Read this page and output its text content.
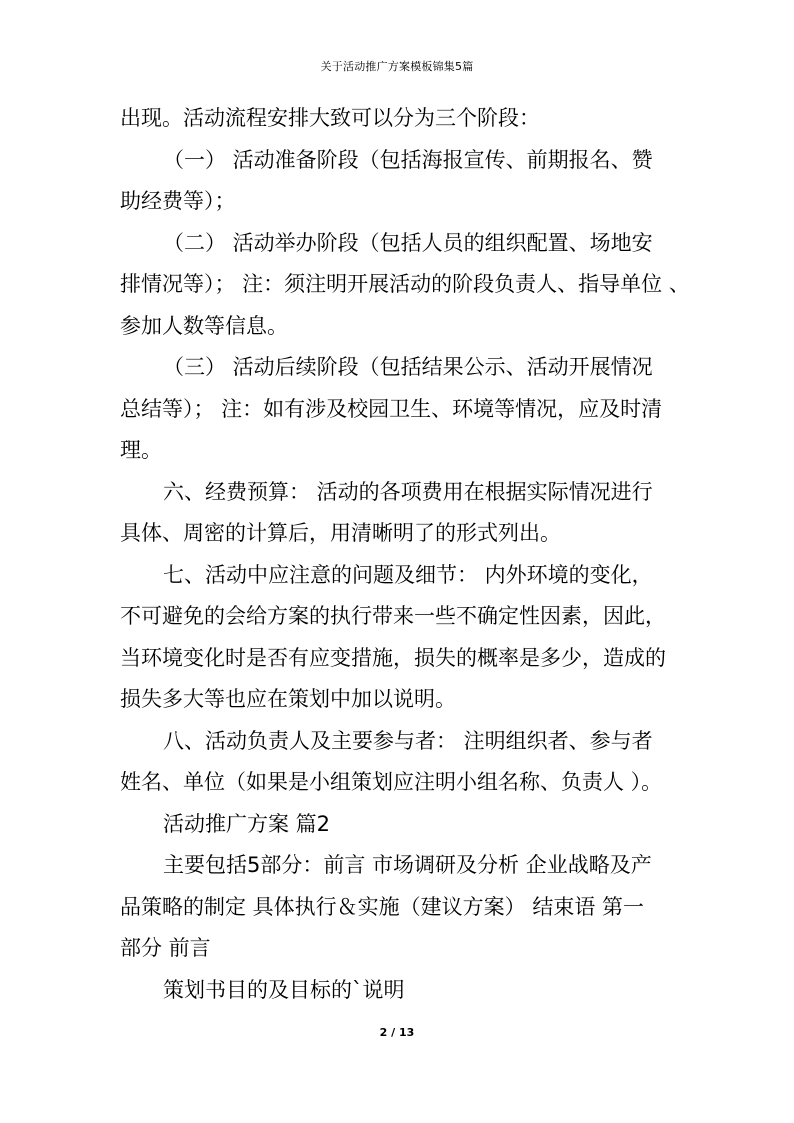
关于活动推广方案模板锦集5篇
出现。活动流程安排大致可以分为三个阶段：
（一） 活动准备阶段（包括海报宣传、前期报名、赞
助经费等）；
（二） 活动举办阶段（包括人员的组织配置、场地安
排情况等）； 注：须注明开展活动的阶段负责人、指导单位 、
参加人数等信息。
（三） 活动后续阶段（包括结果公示、活动开展情况
总结等）； 注：如有涉及校园卫生、环境等情况，应及时清
理。
六、经费预算： 活动的各项费用在根据实际情况进行
具体、周密的计算后，用清晰明了的形式列出。
七、活动中应注意的问题及细节： 内外环境的变化，
不可避免的会给方案的执行带来一些不确定性因素，因此，
当环境变化时是否有应变措施，损失的概率是多少，造成的
损失多大等也应在策划中加以说明。
八、活动负责人及主要参与者： 注明组织者、参与者
姓名、单位（如果是小组策划应注明小组名称、负责人 ）。
活动推广方案 篇2
主要包括5部分：前言 市场调研及分析 企业战略及产
品策略的制定 具体执行＆实施（建议方案） 结束语 第一
部分 前言
策划书目的及目标的`说明
2 / 13
